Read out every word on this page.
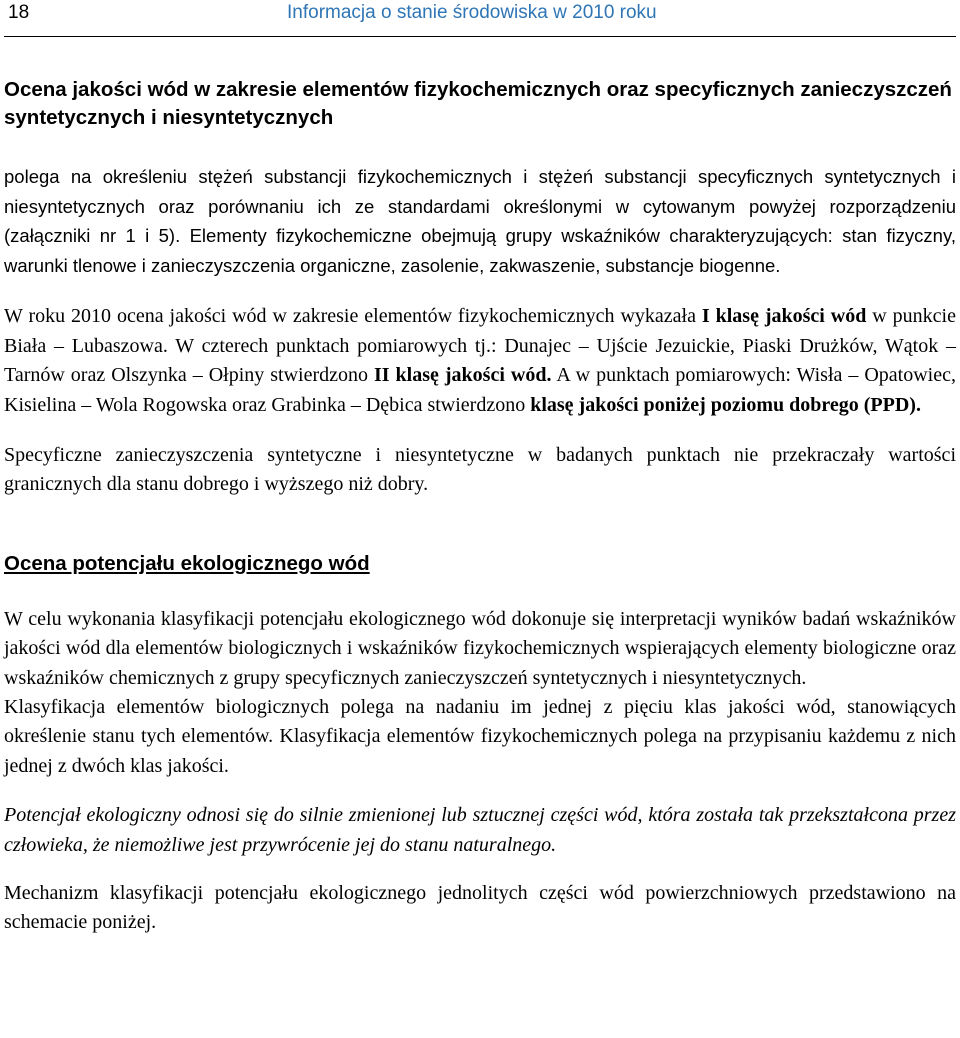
18	Informacja o stanie środowiska w 2010 roku
Ocena jakości wód w zakresie elementów fizykochemicznych oraz specyficznych zanieczyszczeń syntetycznych i niesyntetycznych

polega na określeniu stężeń substancji fizykochemicznych i stężeń substancji specyficznych syntetycznych i niesyntetycznych oraz porównaniu ich ze standardami określonymi w cytowanym powyżej rozporządzeniu (załączniki nr 1 i 5). Elementy fizykochemiczne obejmują grupy wskaźników charakteryzujących: stan fizyczny, warunki tlenowe i zanieczyszczenia organiczne, zasolenie, zakwaszenie, substancje biogenne.

W roku 2010 ocena jakości wód w zakresie elementów fizykochemicznych wykazała I klasę jakości wód w punkcie Biała – Lubaszowa. W czterech punktach pomiarowych tj.: Dunajec – Ujście Jezuickie, Piaski Drużków, Wątok – Tarnów oraz Olszynka – Ołpiny stwierdzono II klasę jakości wód. A w punktach pomiarowych: Wisła – Opatowiec, Kisielina – Wola Rogowska oraz Grabinka – Dębica stwierdzono klasę jakości poniżej poziomu dobrego (PPD).

Specyficzne zanieczyszczenia syntetyczne i niesyntetyczne w badanych punktach nie przekraczały wartości granicznych dla stanu dobrego i wyższego niż dobry.

Ocena potencjału ekologicznego wód

W celu wykonania klasyfikacji potencjału ekologicznego wód dokonuje się interpretacji wyników badań wskaźników jakości wód dla elementów biologicznych i wskaźników fizykochemicznych wspierających elementy biologiczne oraz wskaźników chemicznych z grupy specyficznych zanieczyszczeń syntetycznych i niesyntetycznych.

Klasyfikacja elementów biologicznych polega na nadaniu im jednej z pięciu klas jakości wód, stanowiących określenie stanu tych elementów. Klasyfikacja elementów fizykochemicznych polega na przypisaniu każdemu z nich jednej z dwóch klas jakości.

Potencjał ekologiczny odnosi się do silnie zmienionej lub sztucznej części wód, która została tak przekształcona przez człowieka, że niemożliwe jest przywrócenie jej do stanu naturalnego.

Mechanizm klasyfikacji potencjału ekologicznego jednolitych części wód powierzchniowych przedstawiono na schemacie poniżej.
